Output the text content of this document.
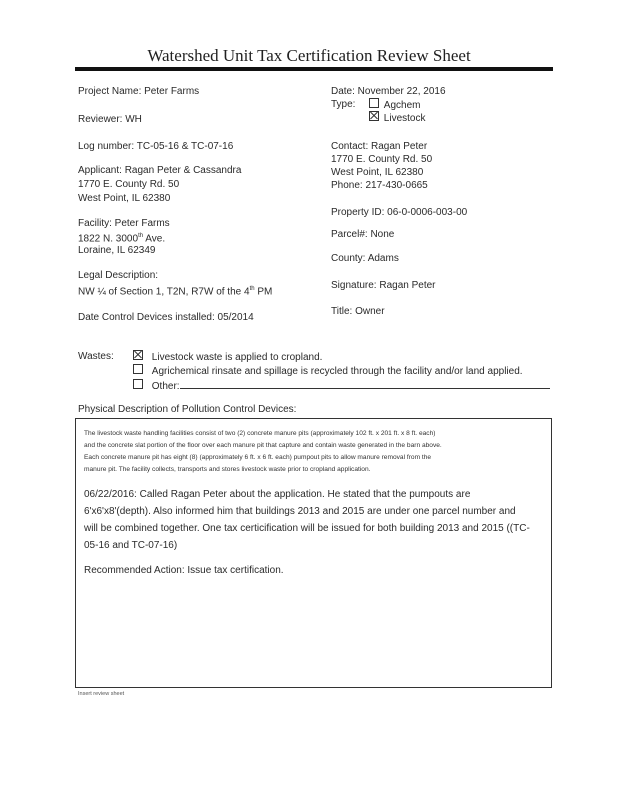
Watershed Unit Tax Certification Review Sheet
Project Name: Peter Farms
Reviewer: WH
Log number: TC-05-16 & TC-07-16
Applicant: Ragan Peter & Cassandra
1770 E. County Rd. 50
West Point, IL 62380
Facility: Peter Farms
1822 N. 3000th Ave.
Loraine, IL 62349
Legal Description:
NW ¼ of Section 1, T2N, R7W of the 4th PM
Date Control Devices installed: 05/2014
Date: November 22, 2016
Type:	Agchem
Livestock
Contact: Ragan Peter
1770 E. County Rd. 50
West Point, IL 62380
Phone: 217-430-0665
Property ID: 06-0-0006-003-00
Parcel#: None
County: Adams
Signature: Ragan Peter
Title: Owner
Wastes:	Livestock waste is applied to cropland.
Agrichemical rinsate and spillage is recycled through the facility and/or land applied.
Other:
Physical Description of Pollution Control Devices:
The livestock waste handling facilities consist of two (2) concrete manure pits (approximately 102 ft. x 201 ft. x 8 ft. each)
and the concrete slat portion of the floor over each manure pit that capture and contain waste generated in the barn above.
Each concrete manure pit has eight (8) (approximately 6 ft. x 6 ft. each) pumpout pits to allow manure removal from the
manure pit. The facility collects, transports and stores livestock waste prior to cropland application.
06/22/2016: Called Ragan Peter about the application. He stated that the pumpouts are
6'x6'x8'(depth). Also informed him that buildings 2013 and 2015 are under one parcel number and
will be combined together. One tax certicification will be issued for both building 2013 and 2015 ((TC-
05-16 and TC-07-16)
Recommended Action: Issue tax certification.
Insert review sheet
